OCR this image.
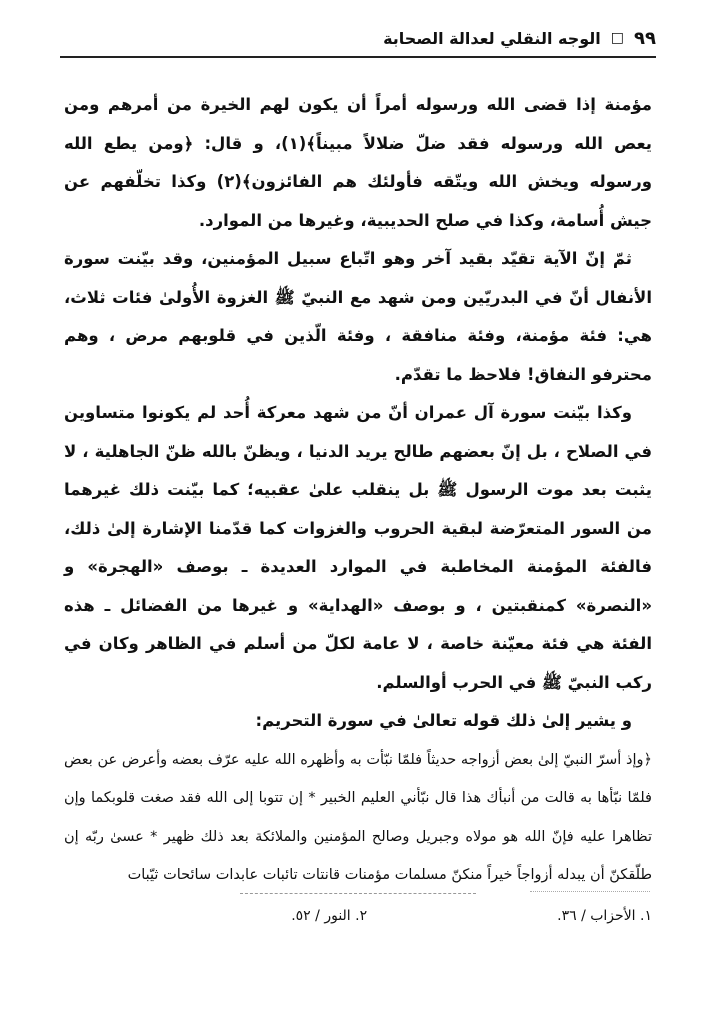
٩٩
□
الوجه النقلي لعدالة الصحابة

مؤمنة إذا قضى الله ورسوله أمراً أن يكون لهم الخيرة من أمرهم ومن يعص الله ورسوله فقد ضلّ ضلالاً مبيناً﴾(١)، و قال: ﴿ومن يطع الله ورسوله ويخش الله ويتّقه فأولئك هم الفائزون﴾(٢) وكذا تخلّفهم عن جيش أُسامة، وكذا في صلح الحديبية، وغيرها من الموارد.

ثمّ إنّ الآية تقيّد بقيد آخر وهو اتّباع سبيل المؤمنين، وقد بيّنت سورة الأنفال أنّ في البدريّين ومن شهد مع النبيّ ﷺ الغزوة الأُولىٰ فئات ثلاث، هي: فئة مؤمنة، وفئة منافقة ، وفئة الّذين في قلوبهم مرض ، وهم محترفو النفاق! فلاحظ ما تقدّم.

وكذا بيّنت سورة آل عمران أنّ من شهد معركة أُحد لم يكونوا متساوين في الصلاح ، بل إنّ بعضهم طالح يريد الدنيا ، ويظنّ بالله ظنّ الجاهلية ، لا يثبت بعد موت الرسول ﷺ بل ينقلب علىٰ عقبيه؛ كما بيّنت ذلك غيرهما من السور المتعرّضة لبقية الحروب والغزوات كما قدّمنا الإشارة إلىٰ ذلك، فالفئة المؤمنة المخاطبة في الموارد العديدة ـ بوصف «الهجرة» و «النصرة» كمنقبتين ، و بوصف «الهداية» و غيرها من الفضائل ـ هذه الفئة هي فئة معيّنة خاصة ، لا عامة لكلّ من أسلم في الظاهر وكان في ركب النبيّ ﷺ في الحرب أوالسلم.

و يشير إلىٰ ذلك قوله تعالىٰ في سورة التحريم:

﴿وإذ أسرّ النبيّ إلىٰ بعض أزواجه حديثاً فلمّا نبّأت به وأظهره الله عليه عرّف بعضه وأعرض عن بعض فلمّا نبّأها به قالت من أنبأك هذا قال نبّأني العليم الخبير * إن تتوبا إلى الله فقد صغت قلوبكما وإن تظاهرا عليه فإنّ الله هو مولاه وجبريل وصالح المؤمنين والملائكة بعد ذلك ظهير * عسىٰ ربّه إن طلّقكنّ أن يبدله أزواجاً خيراً منكنّ مسلمات مؤمنات قانتات تائبات عابدات سائحات ثيّبات

١. الأحزاب / ٣٦.
٢. النور / ٥٢.
